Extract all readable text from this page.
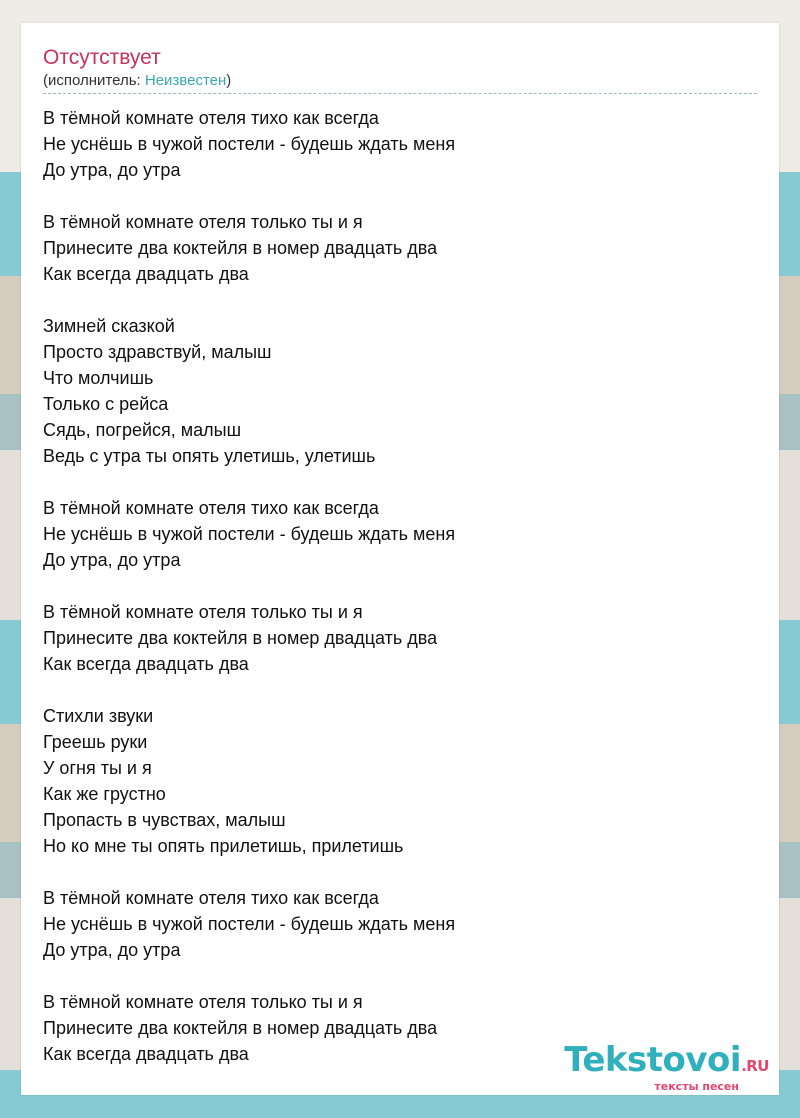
Отсутствует
(исполнитель: Неизвестен)
В тёмной комнате отеля тихо как всегда
Не уснёшь в чужой постели - будешь ждать меня
До утра, до утра
В тёмной комнате отеля только ты и я
Принесите два коктейля в номер двадцать два
Как всегда двадцать два
Зимней сказкой
Просто здравствуй, малыш
Что молчишь
Только с рейса
Сядь, погрейся, малыш
Ведь с утра ты опять улетишь, улетишь
В тёмной комнате отеля тихо как всегда
Не уснёшь в чужой постели - будешь ждать меня
До утра, до утра
В тёмной комнате отеля только ты и я
Принесите два коктейля в номер двадцать два
Как всегда двадцать два
Стихли звуки
Греешь руки
У огня ты и я
Как же грустно
Пропасть в чувствах, малыш
Но ко мне ты опять прилетишь, прилетишь
В тёмной комнате отеля тихо как всегда
Не уснёшь в чужой постели - будешь ждать меня
До утра, до утра
В тёмной комнате отеля только ты и я
Принесите два коктейля в номер двадцать два
Как всегда двадцать два	Tekstovoi.RU
тексты песен
